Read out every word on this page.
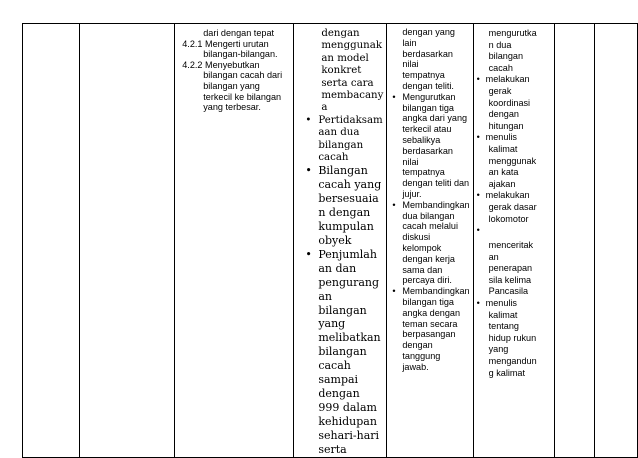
dari dengan tepat
4.2.1 Mengerti urutan
bilangan-bilangan.
4.2.2 Menyebutkan
bilangan cacah dari
bilangan yang
terkecil ke bilangan
yang terbesar.

dengan
menggunak
an model
konkret
serta cara
membacany
a
• Pertidaksam
aan dua
bilangan
cacah
• Bilangan
cacah yang
bersesuaia
n dengan
kumpulan
obyek
• Penjumlah
an dan
pengurang
an
bilangan
yang
melibatkan
bilangan
cacah
sampai
dengan
999 dalam
kehidupan
sehari-hari
serta

dengan yang lain
berdasarkan nilai
tempatnya
dengan teliti.
• Mengurutkan
bilangan tiga
angka dari yang
terkecil atau
sebalikya
berdasarkan nilai
tempatnya
dengan teliti dan
jujur.
• Membandingkan
dua bilangan
cacah melalui
diskusi kelompok
dengan kerja
sama dan
percaya diri.
• Membandingkan
bilangan tiga
angka dengan
teman secara
berpasangan
dengan tanggung
jawab.

mengurutka
n dua
bilangan
cacah
• melakukan
gerak
koordinasi
dengan
hitungan
• menulis
kalimat
menggunak
an kata
ajakan
• melakukan
gerak dasar
lokomotor
•
menceritak
an
penerapan
sila kelima
Pancasila
• menulis
kalimat
tentang
hidup rukun
yang
mengandun
g kalimat
